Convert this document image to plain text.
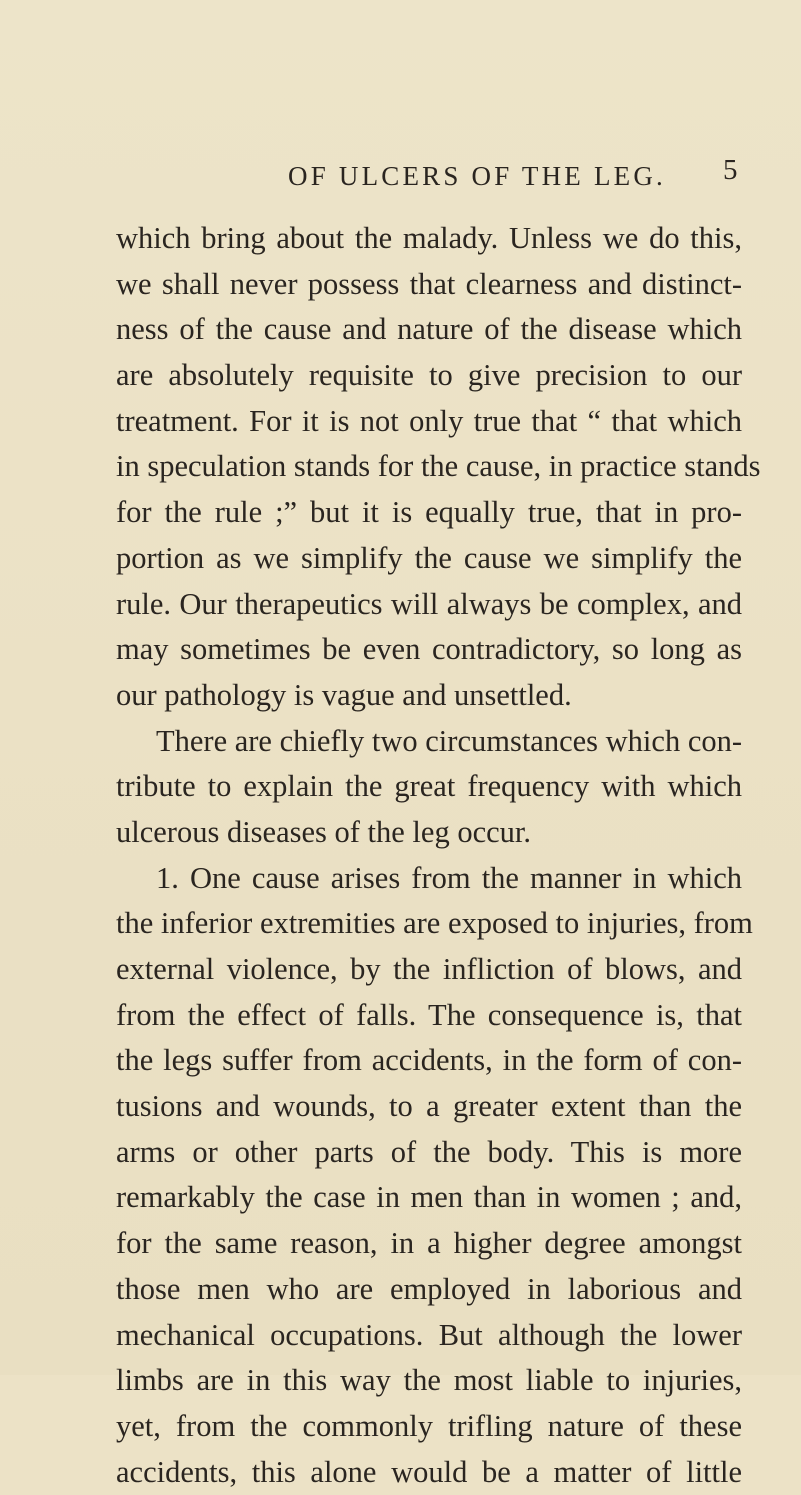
OF ULCERS OF THE LEG. 5
which bring about the malady. Unless we do this,
we shall never possess that clearness and distinct-
ness of the cause and nature of the disease which
are absolutely requisite to give precision to our
treatment. For it is not only true that “ that which
in speculation stands for the cause, in practice stands
for the rule ;” but it is equally true, that in pro-
portion as we simplify the cause we simplify the
rule. Our therapeutics will always be complex, and
may sometimes be even contradictory, so long as
our pathology is vague and unsettled.
There are chiefly two circumstances which con-
tribute to explain the great frequency with which
ulcerous diseases of the leg occur.
1. One cause arises from the manner in which
the inferior extremities are exposed to injuries, from
external violence, by the infliction of blows, and
from the effect of falls. The consequence is, that
the legs suffer from accidents, in the form of con-
tusions and wounds, to a greater extent than the
arms or other parts of the body. This is more
remarkably the case in men than in women ; and,
for the same reason, in a higher degree amongst
those men who are employed in laborious and
mechanical occupations. But although the lower
limbs are in this way the most liable to injuries,
yet, from the commonly trifling nature of these
accidents, this alone would be a matter of little
